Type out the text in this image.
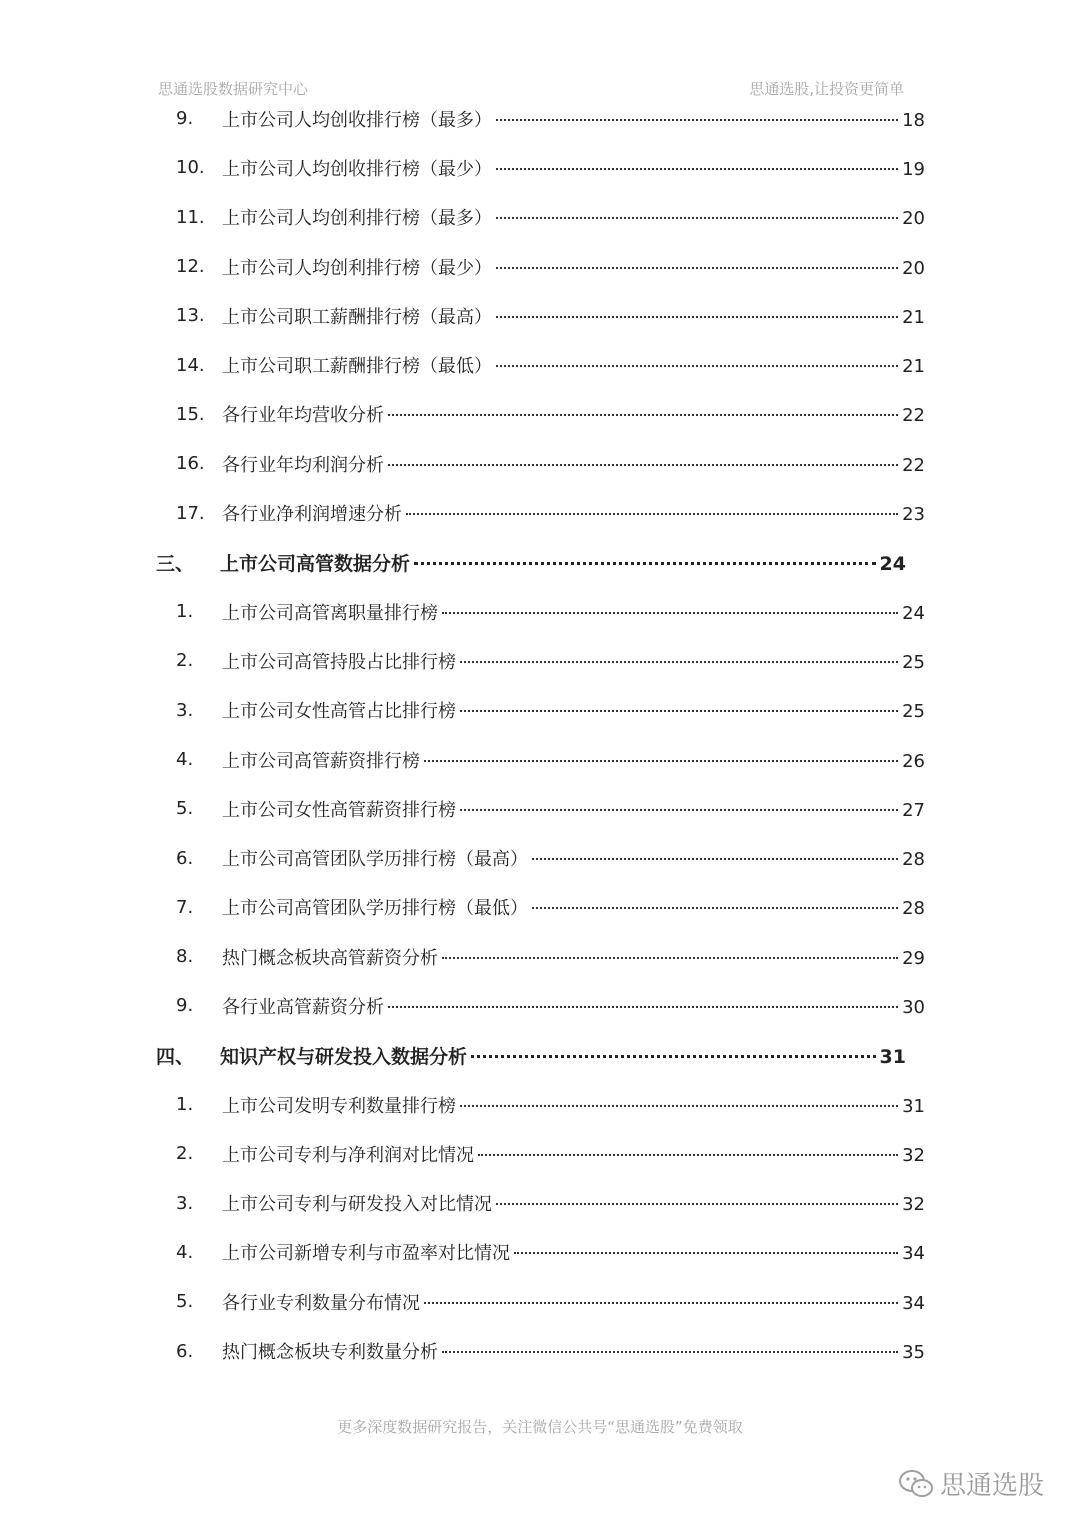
思通选股数据研究中心	思通选股,让投资更简单
9.	上市公司人均创收排行榜（最多）	18
10. 上市公司人均创收排行榜（最少）	19
11. 上市公司人均创利排行榜（最多）	20
12. 上市公司人均创利排行榜（最少）	20
13. 上市公司职工薪酬排行榜（最高）	21
14. 上市公司职工薪酬排行榜（最低）	21
15. 各行业年均营收分析	22
16. 各行业年均利润分析	22
17. 各行业净利润增速分析	23
三、 上市公司高管数据分析	24
1.	上市公司高管离职量排行榜	24
2.	上市公司高管持股占比排行榜	25
3.	上市公司女性高管占比排行榜	25
4.	上市公司高管薪资排行榜	26
5.	上市公司女性高管薪资排行榜	27
6.	上市公司高管团队学历排行榜（最高）	28
7.	上市公司高管团队学历排行榜（最低）	28
8.	热门概念板块高管薪资分析	29
9.	各行业高管薪资分析	30
四、 知识产权与研发投入数据分析	31
1.	上市公司发明专利数量排行榜	31
2.	上市公司专利与净利润对比情况	32
3.	上市公司专利与研发投入对比情况	32
4.	上市公司新增专利与市盈率对比情况	34
5.	各行业专利数量分布情况	34
6.	热门概念板块专利数量分析	35
更多深度数据研究报告，关注微信公共号“思通选股”免费领取
思通选股
